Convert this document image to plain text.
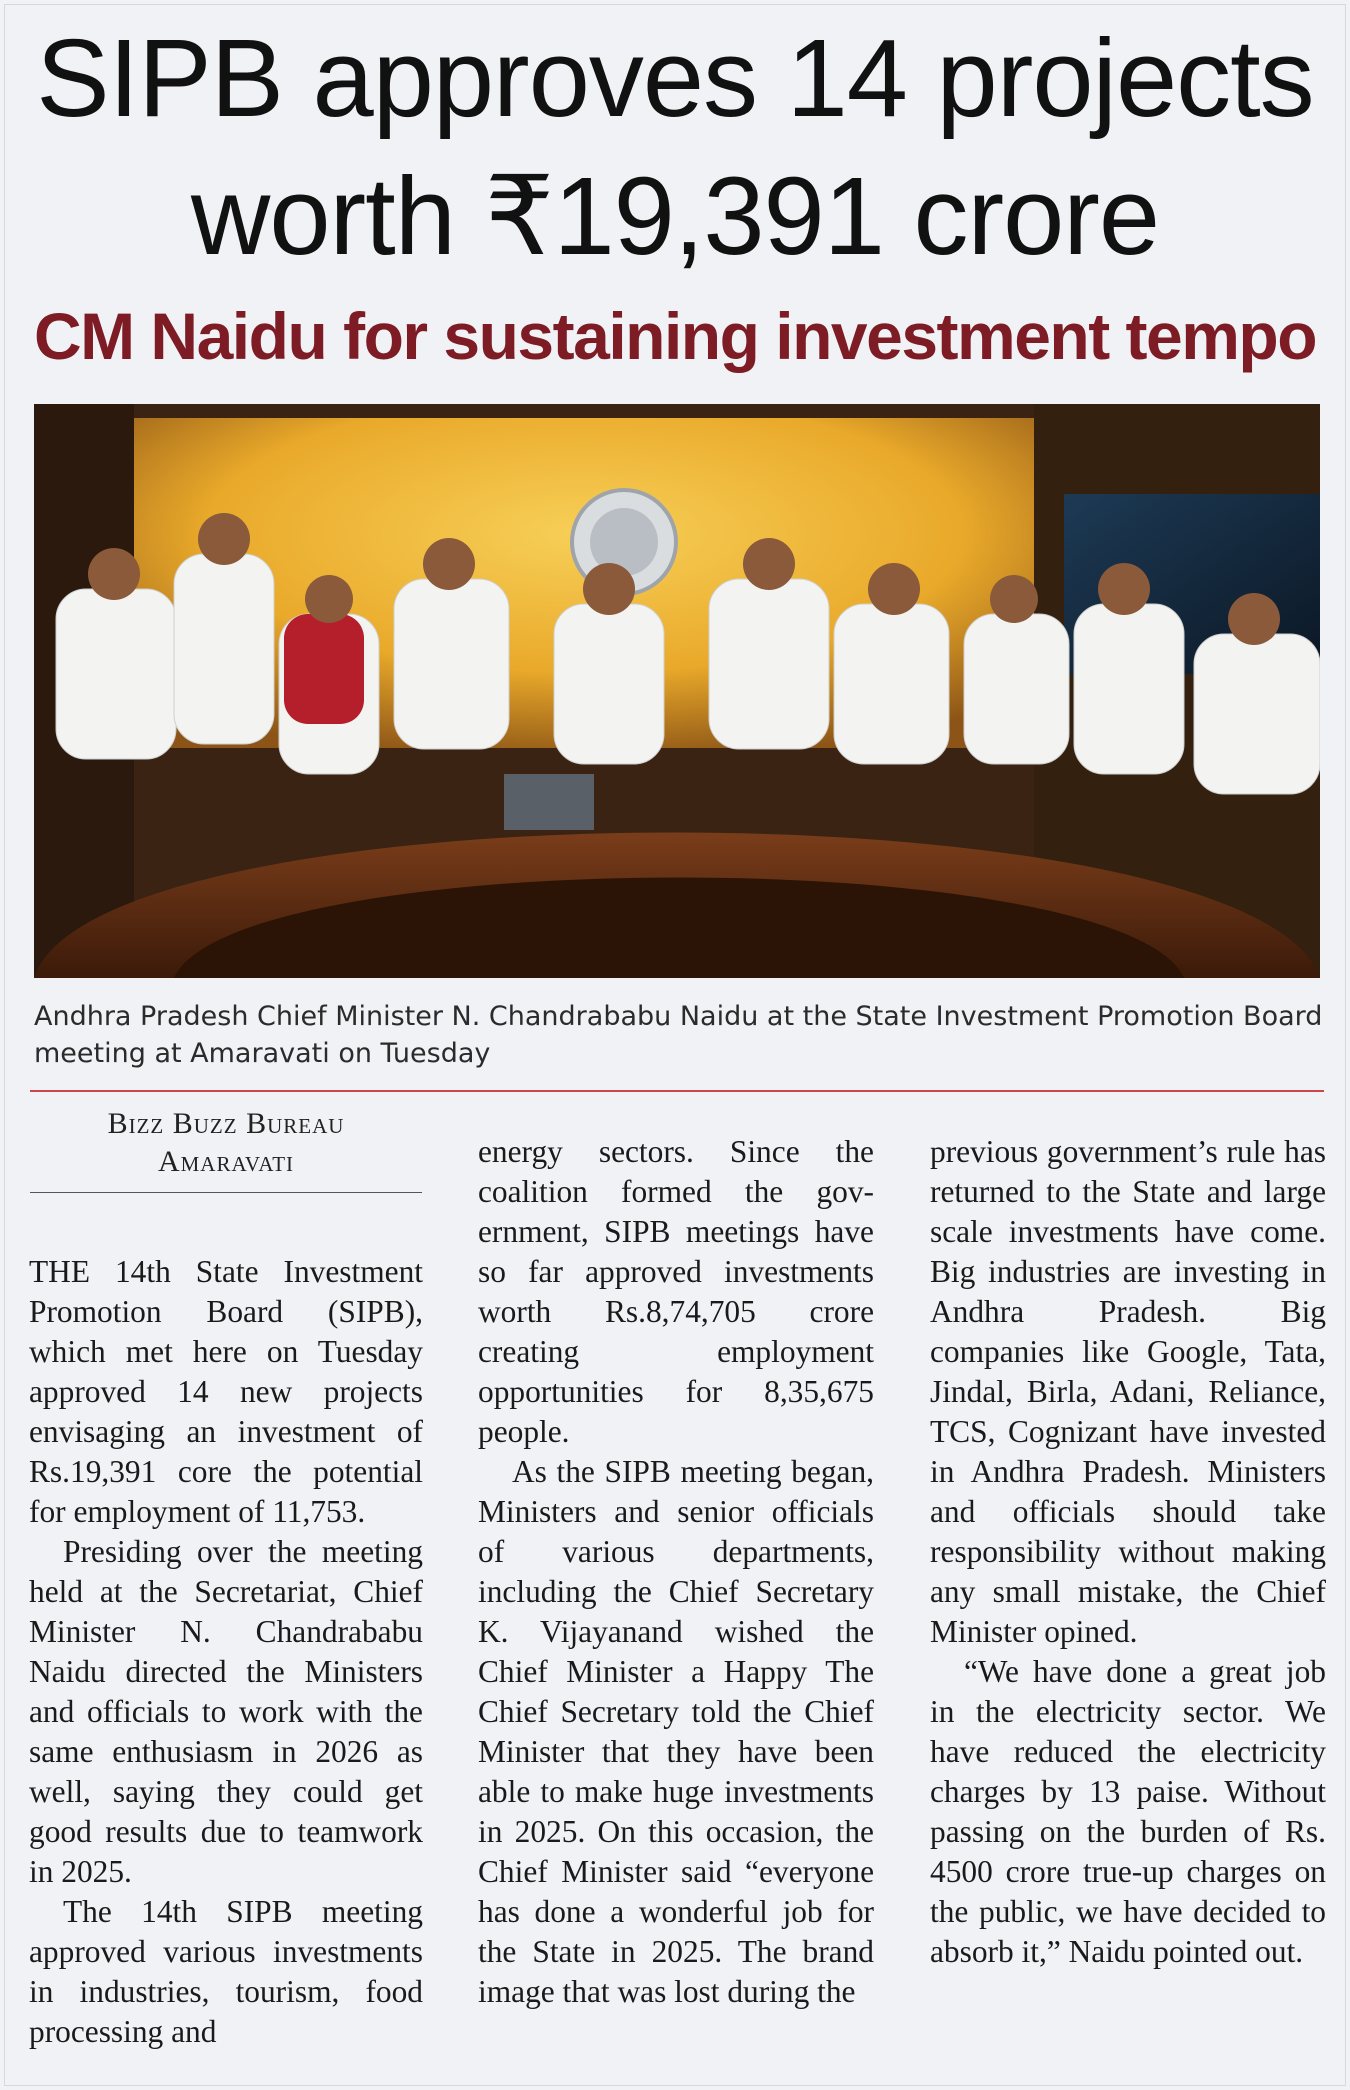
SIPB approves 14 projects
worth ₹19,391 crore
CM Naidu for sustaining investment tempo

Andhra Pradesh Chief Minister N. Chandrababu Naidu at the State Investment Promotion Board meeting at Amaravati on Tuesday

Bizz Buzz Bureau
Amaravati

THE 14th State Investment Promotion Board (SIPB), which met here on Tuesday approved 14 new projects envisaging an investment of Rs.19,391 core the potential for employment of 11,753.

Presiding over the meeting held at the Secretariat, Chief Minister N. Chandrababu Naidu directed the Ministers and officials to work with the same enthusiasm in 2026 as well, saying they could get good results due to teamwork in 2025.

The 14th SIPB meeting approved various investments in industries, tourism, food processing and

energy sectors. Since the coalition formed the government, SIPB meetings have so far approved investments worth Rs.8,74,705 crore creating employment opportunities for 8,35,675 people.

As the SIPB meeting began, Ministers and senior officials of various departments, including the Chief Secretary K. Vijayanand wished the Chief Minister a Happy The Chief Secretary told the Chief Minister that they have been able to make huge investments in 2025. On this occasion, the Chief Minister said “everyone has done a wonderful job for the State in 2025. The brand image that was lost during the

previous government’s rule has returned to the State and large scale investments have come. Big industries are investing in Andhra Pradesh. Big companies like Google, Tata, Jindal, Birla, Adani, Reliance, TCS, Cognizant have invested in Andhra Pradesh. Ministers and officials should take responsibility without making any small mistake, the Chief Minister opined.

“We have done a great job in the electricity sector. We have reduced the electricity charges by 13 paise. Without passing on the burden of Rs. 4500 crore true-up charges on the public, we have decided to absorb it,” Naidu pointed out.
